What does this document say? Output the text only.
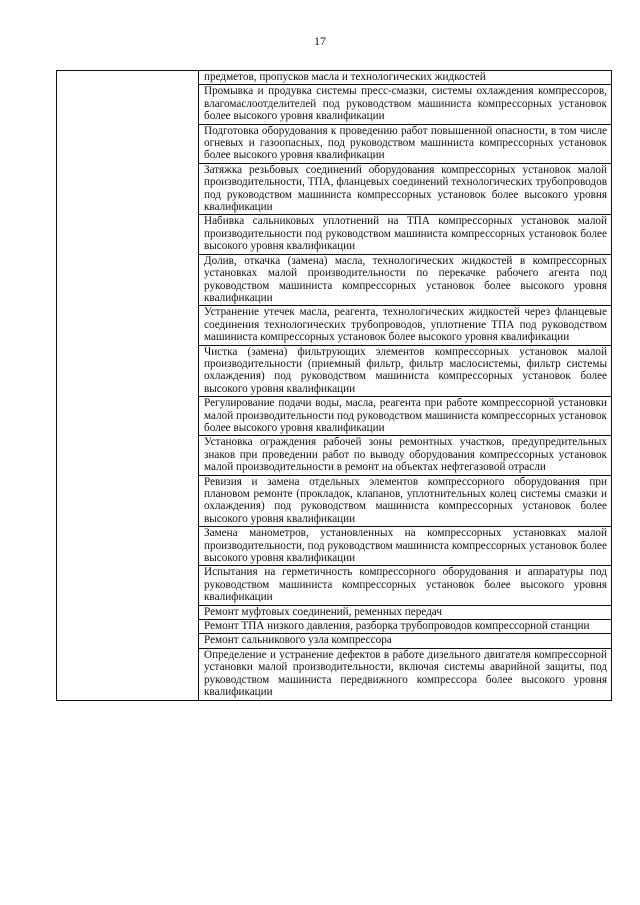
17

предметов, пропусков масла и технологических жидкостей
Промывка и продувка системы пресс-смазки, системы охлаждения компрессоров, влагомаслоотделителей под руководством машиниста компрессорных установок более высокого уровня квалификации
Подготовка оборудования к проведению работ повышенной опасности, в том числе огневых и газоопасных, под руководством машиниста компрессорных установок более высокого уровня квалификации
Затяжка резьбовых соединений оборудования компрессорных установок малой производительности, ТПА, фланцевых соединений технологических трубопроводов под руководством машиниста компрессорных установок более высокого уровня квалификации
Набивка сальниковых уплотнений на ТПА компрессорных установок малой производительности под руководством машиниста компрессорных установок более высокого уровня квалификации
Долив, откачка (замена) масла, технологических жидкостей в компрессорных установках малой производительности по перекачке рабочего агента под руководством машиниста компрессорных установок более высокого уровня квалификации
Устранение утечек масла, реагента, технологических жидкостей через фланцевые соединения технологических трубопроводов, уплотнение ТПА под руководством машиниста компрессорных установок более высокого уровня квалификации
Чистка (замена) фильтрующих элементов компрессорных установок малой производительности (приемный фильтр, фильтр маслосистемы, фильтр системы охлаждения) под руководством машиниста компрессорных установок более высокого уровня квалификации
Регулирование подачи воды, масла, реагента при работе компрессорной установки малой производительности под руководством машиниста компрессорных установок более высокого уровня квалификации
Установка ограждения рабочей зоны ремонтных участков, предупредительных знаков при проведении работ по выводу оборудования компрессорных установок малой производительности в ремонт на объектах нефтегазовой отрасли
Ревизия и замена отдельных элементов компрессорного оборудования при плановом ремонте (прокладок, клапанов, уплотнительных колец системы смазки и охлаждения) под руководством машиниста компрессорных установок более высокого уровня квалификации
Замена манометров, установленных на компрессорных установках малой производительности, под руководством машиниста компрессорных установок более высокого уровня квалификации
Испытания на герметичность компрессорного оборудования и аппаратуры под руководством машиниста компрессорных установок более высокого уровня квалификации
Ремонт муфтовых соединений, ременных передач
Ремонт ТПА низкого давления, разборка трубопроводов компрессорной станции
Ремонт сальникового узла компрессора
Определение и устранение дефектов в работе дизельного двигателя компрессорной установки малой производительности, включая системы аварийной защиты, под руководством машиниста передвижного компрессора более высокого уровня квалификации
